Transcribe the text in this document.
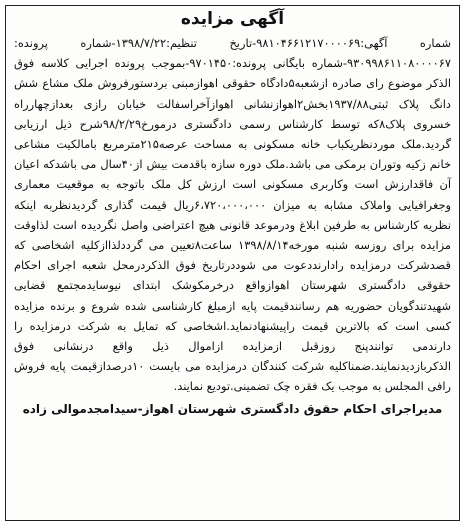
آگهی مزایده

شماره آگهی:۹۸۱۰۴۶۶۱۲۱۷۰۰۰۰۶۹-تاریخ تنظیم:۱۳۹۸/۷/۲۲-شماره پرونده: ۹۳۰۹۹۸۶۱۱۰۸۰۰۰۰۶۷-شماره بایگانی پرونده:۹۷۰۱۴۵۰-بموجب پرونده اجرایی کلاسه فوق الذکر موضوع رای صادره ازشعبه۵دادگاه حقوقی اهوازمبنی بردستورفروش ملک مشاع شش دانگ پلاک ثبتی۱۹۳۷/۸۸بخش۲اهوازنشانی اهوازآخراسفالت خیابان رازی بعدازچهارراه خسروی پلاک۸که توسط کارشناس رسمی دادگستری درمورخ۹۸/۲/۲۹شرح ذیل ارزیابی گردید.ملک موردنظریکباب خانه مسکونی به مساحت عرصه۲۱۵مترمربع بامالکیت مشاعی خانم زکیه وتوران برمکی می باشد.ملک دوره سازه باقدمت بیش از۴۰سال می باشدکه اعیان آن فاقدارزش است وکاربری مسکونی است ارزش کل ملک باتوجه به موقعیت معماری وجغرافیایی واملاک مشابه به میزان ۶،۷۲۰،۰۰۰،۰۰۰ریال قیمت گذاری گردیدنظربه اینکه نظریه کارشناس به طرفین ابلاغ ودرموعد قانونی هیچ اعتراضی واصل نگردیده است لذاوقت مزایده برای روزسه شنبه مورخه۱۳۹۸/۸/۱۴ ساعت۸تعیین می گرددلذاازکلیه اشخاصی که قصدشرکت درمزایده رادارنددعوت می شوددرتاریخ فوق الذکردرمحل شعبه اجرای احکام حقوقی دادگستری شهرستان اهوازواقع درخرمکوشک ابتدای نیوسایدمجتمع قضایی شهیدتندگویان حضوریه هم رسانندقیمت پایه ازمبلغ کارشناسی شده شروع و برنده مزایده کسی است که بالاترین قیمت راپیشنهادنماید.اشخاصی که تمایل به شرکت درمزایده را دارندمی توانندپنج روزقبل ازمزایده ازاموال ذیل واقع درنشانی فوق الذکربازدیدنمایند.ضمناکلیه شرکت کنندگان درمزایده می بایست ۱۰درصدازقیمت پایه فروش رافی المجلس به موجب یک فقره چک تضمینی.تودیع نمایند.

مدیراجرای احکام حقوق دادگستری شهرستان اهواز-سیدامجدموالی زاده
